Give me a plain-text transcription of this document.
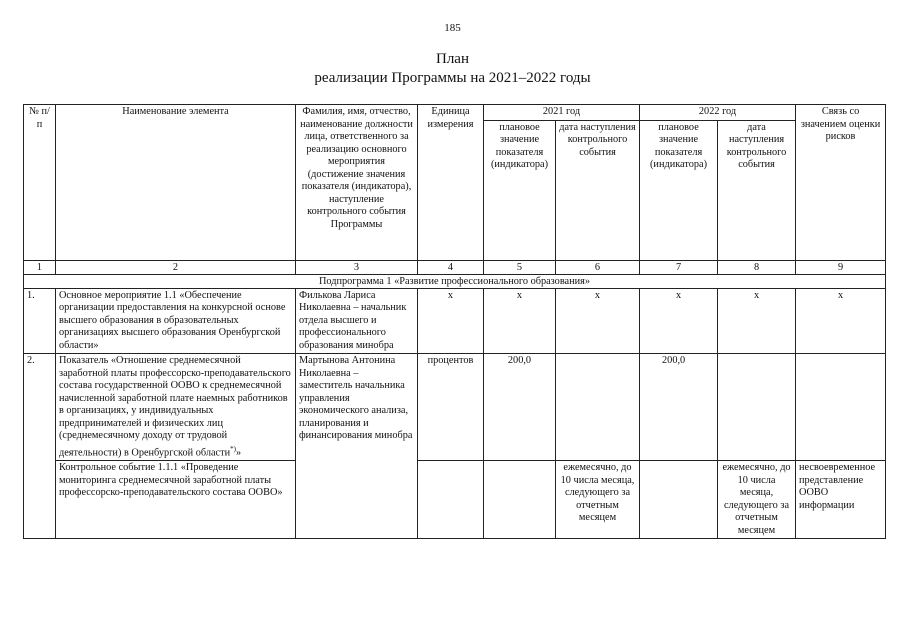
185
План
реализации Программы на 2021–2022 годы
№ п/п	Наименование элемента	Фамилия, имя, отчество, наименование должности лица, ответственного за реализацию основного мероприятия (достижение значения показателя (индикатора), наступление контрольного события Программы	Единица измерения	2021 год		2022 год		Связь со значением оценки рисков
				плановое значение показателя (индикатора)	дата наступления контрольного события	плановое значение показателя (индикатора)	дата наступления контрольного события	
1	2	3	4	5	6	7	8	9
Подпрограмма 1 «Развитие профессионального образования»								
1.	Основное мероприятие 1.1 «Обеспечение организации предоставления на конкурсной основе высшего образования в образовательных организациях высшего образования Оренбургской области»	Филькова Лариса Николаевна – начальник отдела высшего и профессионального образования минобра	х	х	х	х	х	х
2.	Показатель «Отношение среднемесячной заработной платы профессорско-преподавательского состава государственной ООВО к среднемесячной начисленной заработной плате наемных работников в организациях, у индивидуальных предпринимателей и физических лиц (среднемесячному доходу от трудовой деятельности) в Оренбургской области*)»	Мартынова Антонина Николаевна – заместитель начальника управления экономического анализа, планирования и финансирования минобра	процентов	200,0		200,0		
	Контрольное событие 1.1.1 «Проведение мониторинга среднемесячной заработной платы профессорско-преподавательского состава ООВО»				ежемесячно, до 10 числа месяца, следующего за отчетным месяцем		ежемесячно, до 10 числа месяца, следующего за отчетным месяцем	несвоевременное представление ООВО информации
